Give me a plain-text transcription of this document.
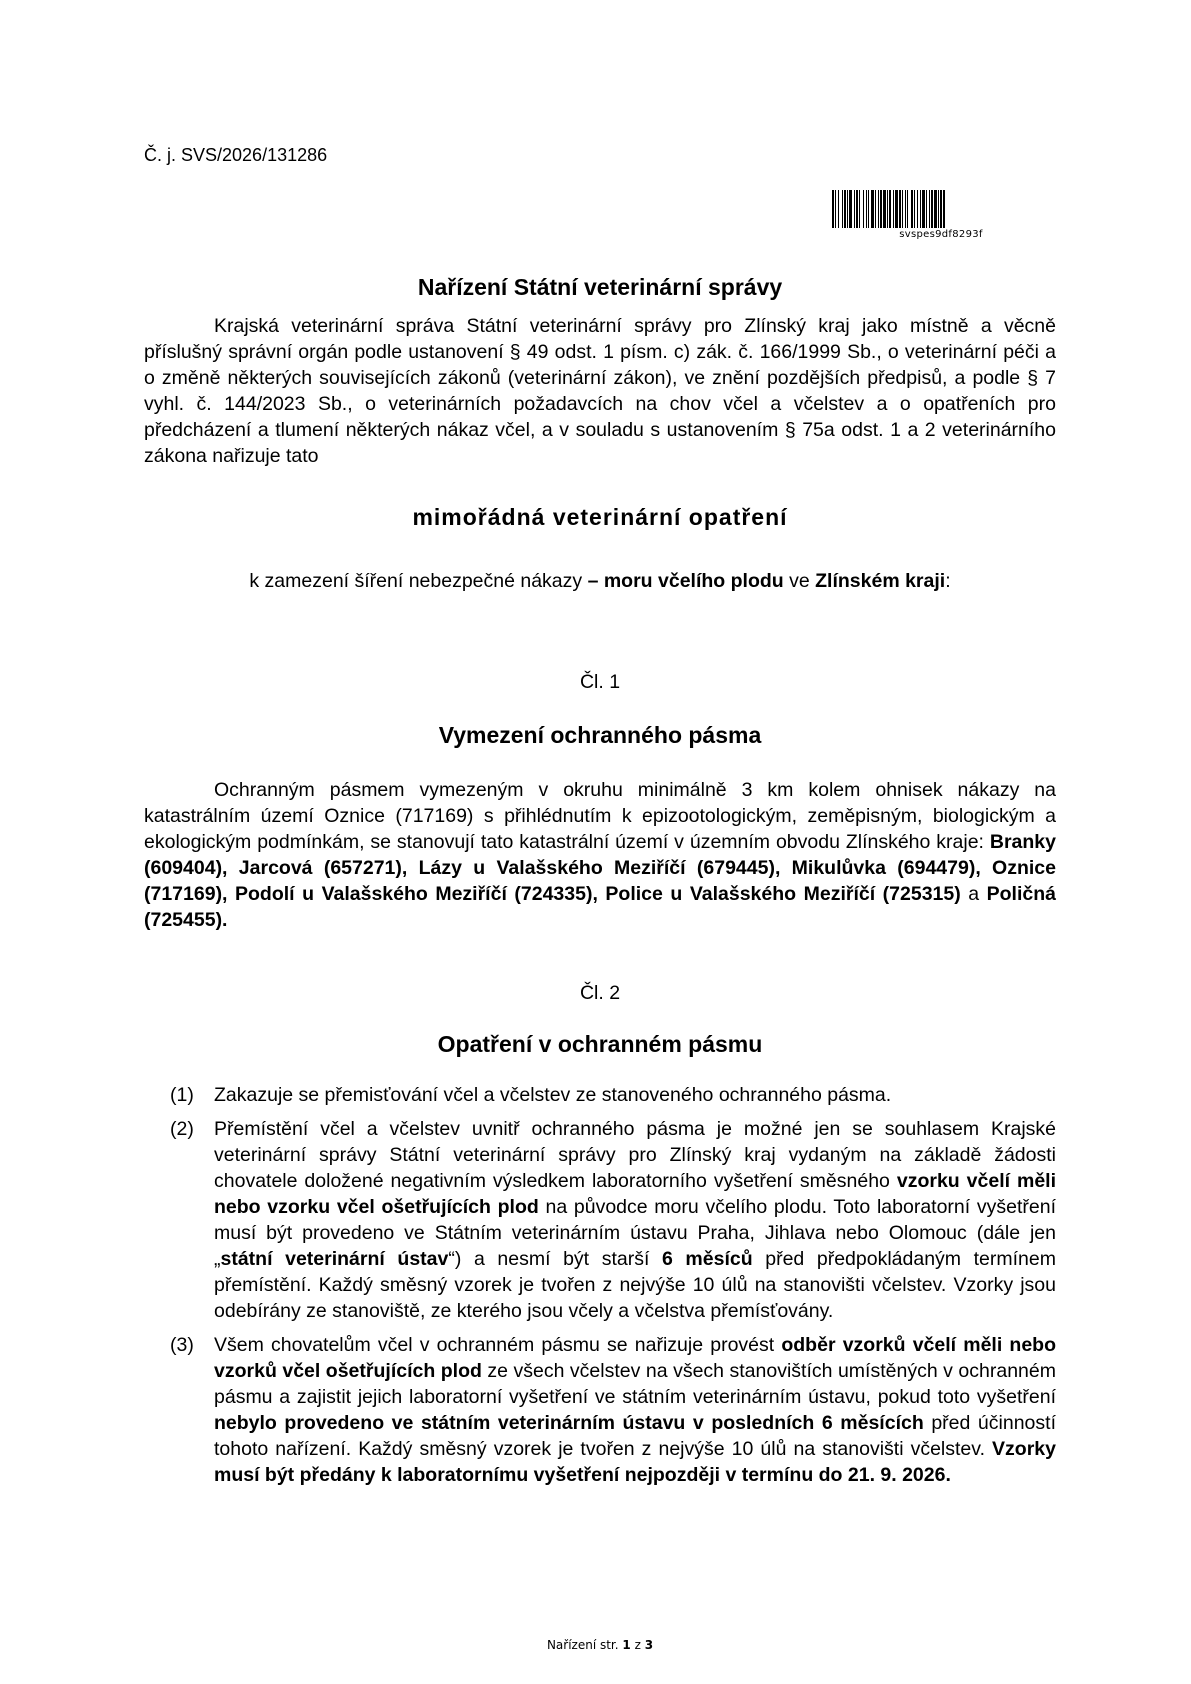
Č. j. SVS/2026/131286
svspes9df8293f
Nařízení Státní veterinární správy
Krajská veterinární správa Státní veterinární správy pro Zlínský kraj jako místně a věcně příslušný správní orgán podle ustanovení § 49 odst. 1 písm. c) zák. č. 166/1999 Sb., o veterinární péči a o změně některých souvisejících zákonů (veterinární zákon), ve znění pozdějších předpisů, a podle § 7 vyhl. č. 144/2023 Sb., o veterinárních požadavcích na chov včel a včelstev a o opatřeních pro předcházení a tlumení některých nákaz včel, a v souladu s ustanovením § 75a odst. 1 a 2 veterinárního zákona nařizuje tato
mimořádná veterinární opatření
k zamezení šíření nebezpečné nákazy – moru včelího plodu ve Zlínském kraji:
Čl. 1
Vymezení ochranného pásma
Ochranným pásmem vymezeným v okruhu minimálně 3 km kolem ohnisek nákazy na katastrálním území Oznice (717169) s přihlédnutím k epizootologickým, zeměpisným, biologickým a ekologickým podmínkám, se stanovují tato katastrální území v územním obvodu Zlínského kraje: Branky (609404), Jarcová (657271), Lázy u Valašského Meziříčí (679445), Mikulůvka (694479), Oznice (717169), Podolí u Valašského Meziříčí (724335), Police u Valašského Meziříčí (725315) a Poličná (725455).
Čl. 2
Opatření v ochranném pásmu
(1)	Zakazuje se přemisťování včel a včelstev ze stanoveného ochranného pásma.
(2)	Přemístění včel a včelstev uvnitř ochranného pásma je možné jen se souhlasem Krajské veterinární správy Státní veterinární správy pro Zlínský kraj vydaným na základě žádosti chovatele doložené negativním výsledkem laboratorního vyšetření směsného vzorku včelí měli nebo vzorku včel ošetřujících plod na původce moru včelího plodu. Toto laboratorní vyšetření musí být provedeno ve Státním veterinárním ústavu Praha, Jihlava nebo Olomouc (dále jen „státní veterinární ústav“) a nesmí být starší 6 měsíců před předpokládaným termínem přemístění. Každý směsný vzorek je tvořen z nejvýše 10 úlů na stanovišti včelstev. Vzorky jsou odebírány ze stanoviště, ze kterého jsou včely a včelstva přemísťovány.
(3)	Všem chovatelům včel v ochranném pásmu se nařizuje provést odběr vzorků včelí měli nebo vzorků včel ošetřujících plod ze všech včelstev na všech stanovištích umístěných v ochranném pásmu a zajistit jejich laboratorní vyšetření ve státním veterinárním ústavu, pokud toto vyšetření nebylo provedeno ve státním veterinárním ústavu v posledních 6 měsících před účinností tohoto nařízení. Každý směsný vzorek je tvořen z nejvýše 10 úlů na stanovišti včelstev. Vzorky musí být předány k laboratornímu vyšetření nejpozději v termínu do 21. 9. 2026.
Nařízení str. 1 z 3
